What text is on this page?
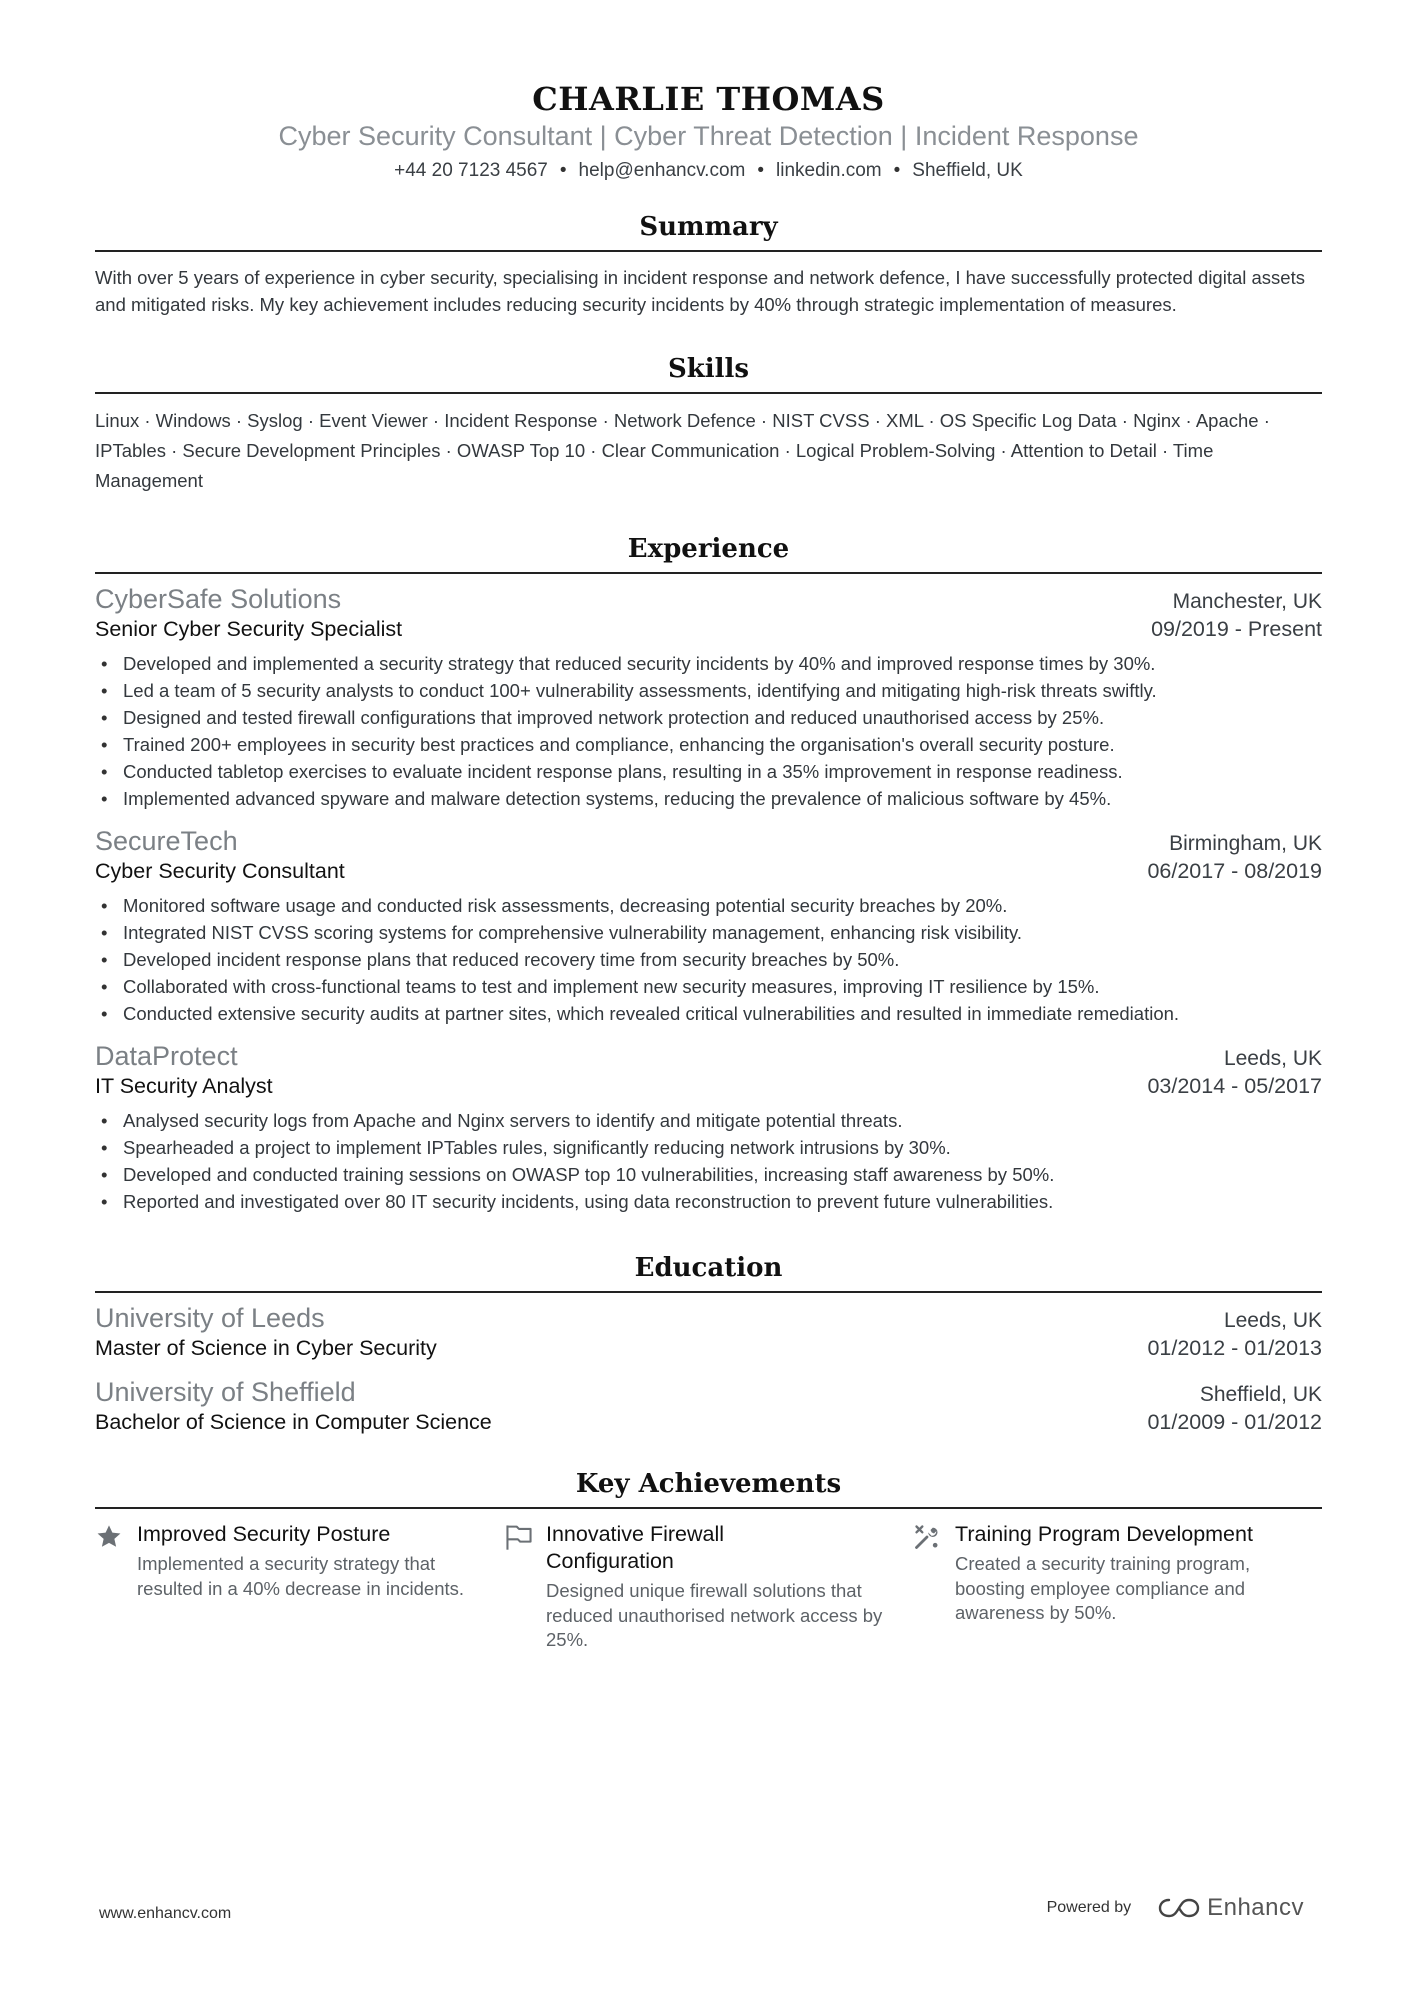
CHARLIE THOMAS
Cyber Security Consultant | Cyber Threat Detection | Incident Response
+44 20 7123 4567 • help@enhancv.com • linkedin.com • Sheffield, UK
Summary
With over 5 years of experience in cyber security, specialising in incident response and network defence, I have successfully protected digital assets and mitigated risks. My key achievement includes reducing security incidents by 40% through strategic implementation of measures.
Skills
Linux · Windows · Syslog · Event Viewer · Incident Response · Network Defence · NIST CVSS · XML · OS Specific Log Data · Nginx · Apache · IPTables · Secure Development Principles · OWASP Top 10 · Clear Communication · Logical Problem-Solving · Attention to Detail · Time Management
Experience
CyberSafe Solutions	Manchester, UK
Senior Cyber Security Specialist	09/2019 - Present
• Developed and implemented a security strategy that reduced security incidents by 40% and improved response times by 30%.
• Led a team of 5 security analysts to conduct 100+ vulnerability assessments, identifying and mitigating high-risk threats swiftly.
• Designed and tested firewall configurations that improved network protection and reduced unauthorised access by 25%.
• Trained 200+ employees in security best practices and compliance, enhancing the organisation's overall security posture.
• Conducted tabletop exercises to evaluate incident response plans, resulting in a 35% improvement in response readiness.
• Implemented advanced spyware and malware detection systems, reducing the prevalence of malicious software by 45%.
SecureTech	Birmingham, UK
Cyber Security Consultant	06/2017 - 08/2019
• Monitored software usage and conducted risk assessments, decreasing potential security breaches by 20%.
• Integrated NIST CVSS scoring systems for comprehensive vulnerability management, enhancing risk visibility.
• Developed incident response plans that reduced recovery time from security breaches by 50%.
• Collaborated with cross-functional teams to test and implement new security measures, improving IT resilience by 15%.
• Conducted extensive security audits at partner sites, which revealed critical vulnerabilities and resulted in immediate remediation.
DataProtect	Leeds, UK
IT Security Analyst	03/2014 - 05/2017
• Analysed security logs from Apache and Nginx servers to identify and mitigate potential threats.
• Spearheaded a project to implement IPTables rules, significantly reducing network intrusions by 30%.
• Developed and conducted training sessions on OWASP top 10 vulnerabilities, increasing staff awareness by 50%.
• Reported and investigated over 80 IT security incidents, using data reconstruction to prevent future vulnerabilities.
Education
University of Leeds	Leeds, UK
Master of Science in Cyber Security	01/2012 - 01/2013
University of Sheffield	Sheffield, UK
Bachelor of Science in Computer Science	01/2009 - 01/2012
Key Achievements
Improved Security Posture
Implemented a security strategy that resulted in a 40% decrease in incidents.
Innovative Firewall Configuration
Designed unique firewall solutions that reduced unauthorised network access by 25%.
Training Program Development
Created a security training program, boosting employee compliance and awareness by 50%.
www.enhancv.com	Powered by	Enhancv
